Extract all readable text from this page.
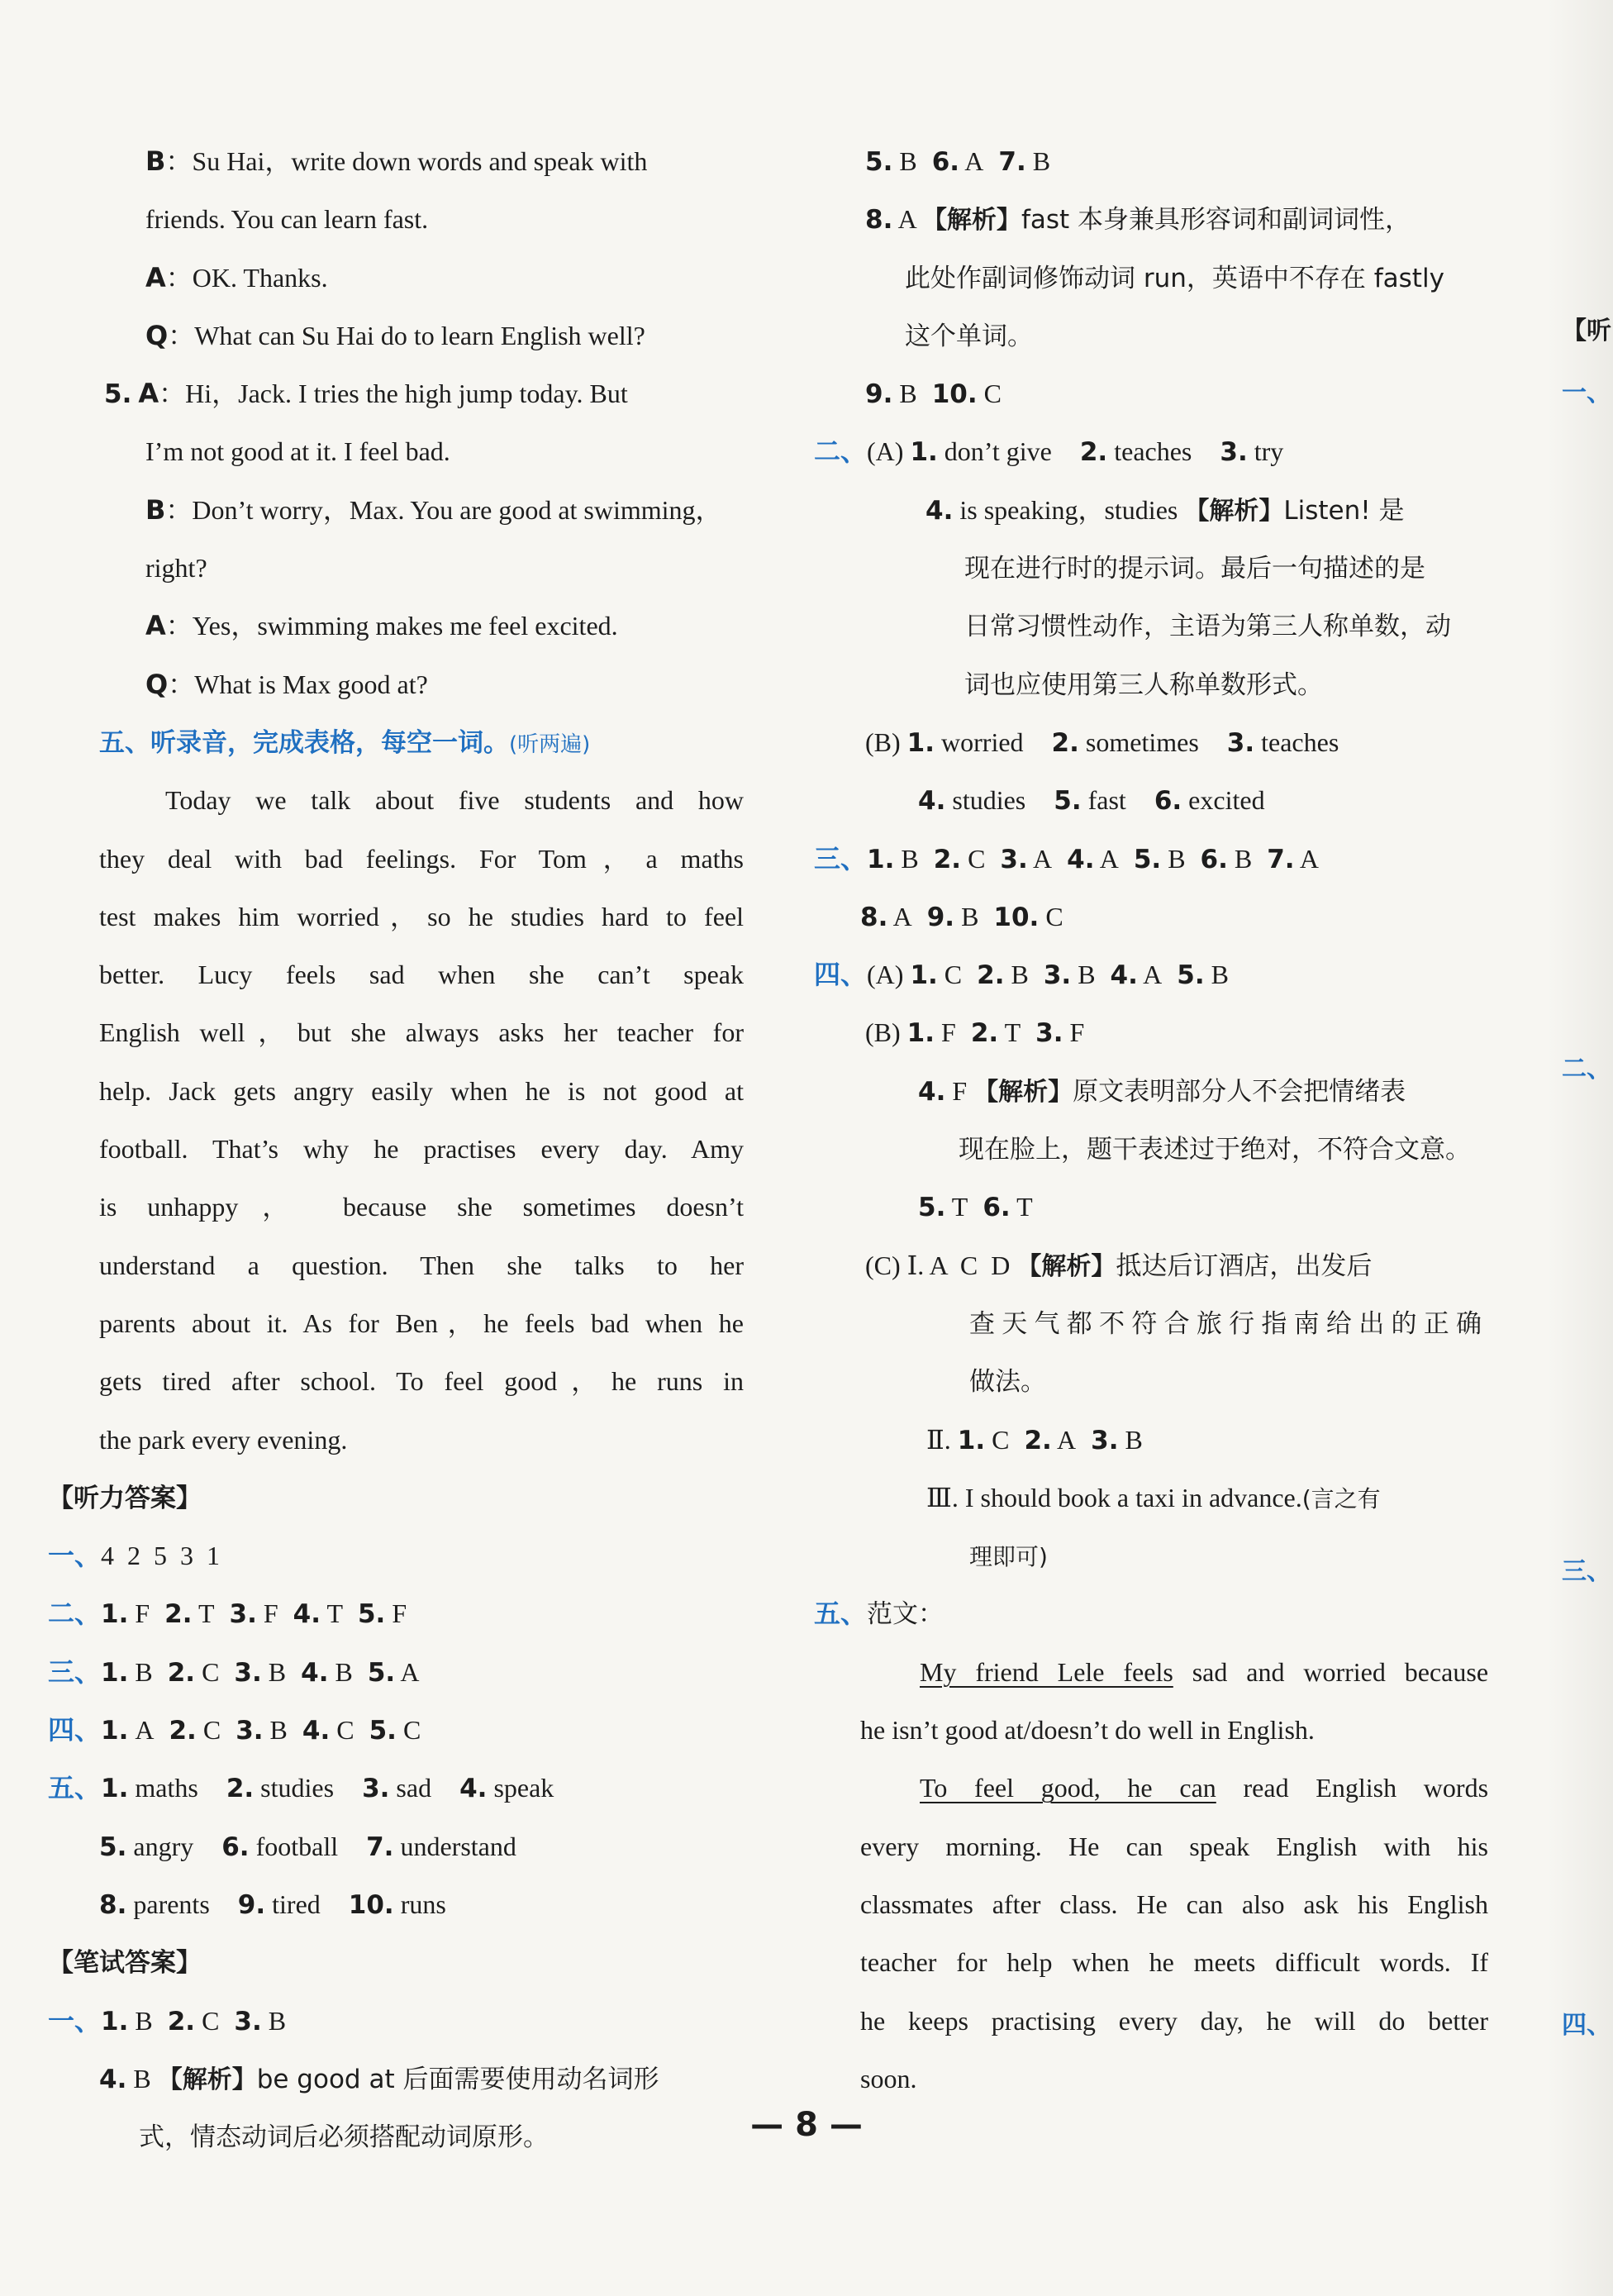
B：Su Hai，write down words and speak with
friends. You can learn fast.
A：OK. Thanks.
Q：What can Su Hai do to learn English well?
5. A：Hi，Jack. I tries the high jump today. But
I’m not good at it. I feel bad.
B：Don’t worry，Max. You are good at swimming，
right?
A：Yes，swimming makes me feel excited.
Q：What is Max good at?
五、听录音，完成表格，每空一词。(听两遍)
Today we talk about five students and how
they deal with bad feelings. For Tom，a maths
test makes him worried，so he studies hard to feel
better. Lucy feels sad when she can’t speak
English well，but she always asks her teacher for
help. Jack gets angry easily when he is not good at
football. That’s why he practises every day. Amy
is unhappy， because she sometimes doesn’t
understand a question. Then she talks to her
parents about it. As for Ben，he feels bad when he
gets tired after school. To feel good，he runs in
the park every evening.
【听力答案】
一、4  2  5  3  1
二、1. F 2. T 3. F 4. T 5. F
三、1. B 2. C 3. B 4. B 5. A
四、1. A 2. C 3. B 4. C 5. C
五、1. maths 2. studies 3. sad 4. speak
5. angry 6. football 7. understand
8. parents 9. tired 10. runs
【笔试答案】
一、1. B 2. C 3. B
4. B 【解析】be good at 后面需要使用动名词形
式，情态动词后必须搭配动词原形。
5. B 6. A 7. B
8. A 【解析】fast 本身兼具形容词和副词词性，
此处作副词修饰动词 run，英语中不存在 fastly
这个单词。
9. B 10. C
二、(A) 1. don’t give 2. teaches 3. try
4. is speaking，studies 【解析】Listen! 是
现在进行时的提示词。最后一句描述的是
日常习惯性动作，主语为第三人称单数，动
词也应使用第三人称单数形式。
(B) 1. worried 2. sometimes 3. teaches
4. studies 5. fast 6. excited
三、1. B 2. C 3. A 4. A 5. B 6. B 7. A
8. A 9. B 10. C
四、(A) 1. C 2. B 3. B 4. A 5. B
(B) 1. F 2. T 3. F
4. F 【解析】原文表明部分人不会把情绪表
现在脸上，题干表述过于绝对，不符合文意。
5. T 6. T
(C) Ⅰ. A  C  D 【解析】抵达后订酒店，出发后
查天气都不符合旅行指南给出的正确
做法。
Ⅱ. 1. C 2. A 3. B
Ⅲ. I should book a taxi in advance.(言之有
理即可)
五、范文：
My friend Lele feels sad and worried because
he isn’t good at/doesn’t do well in English.
To feel good, he can read English words
every morning. He can speak English with his
classmates after class. He can also ask his English
teacher for help when he meets difficult words. If
he keeps practising every day, he will do better
soon.
【听
一、
二、
三、
四、
— 8 —
